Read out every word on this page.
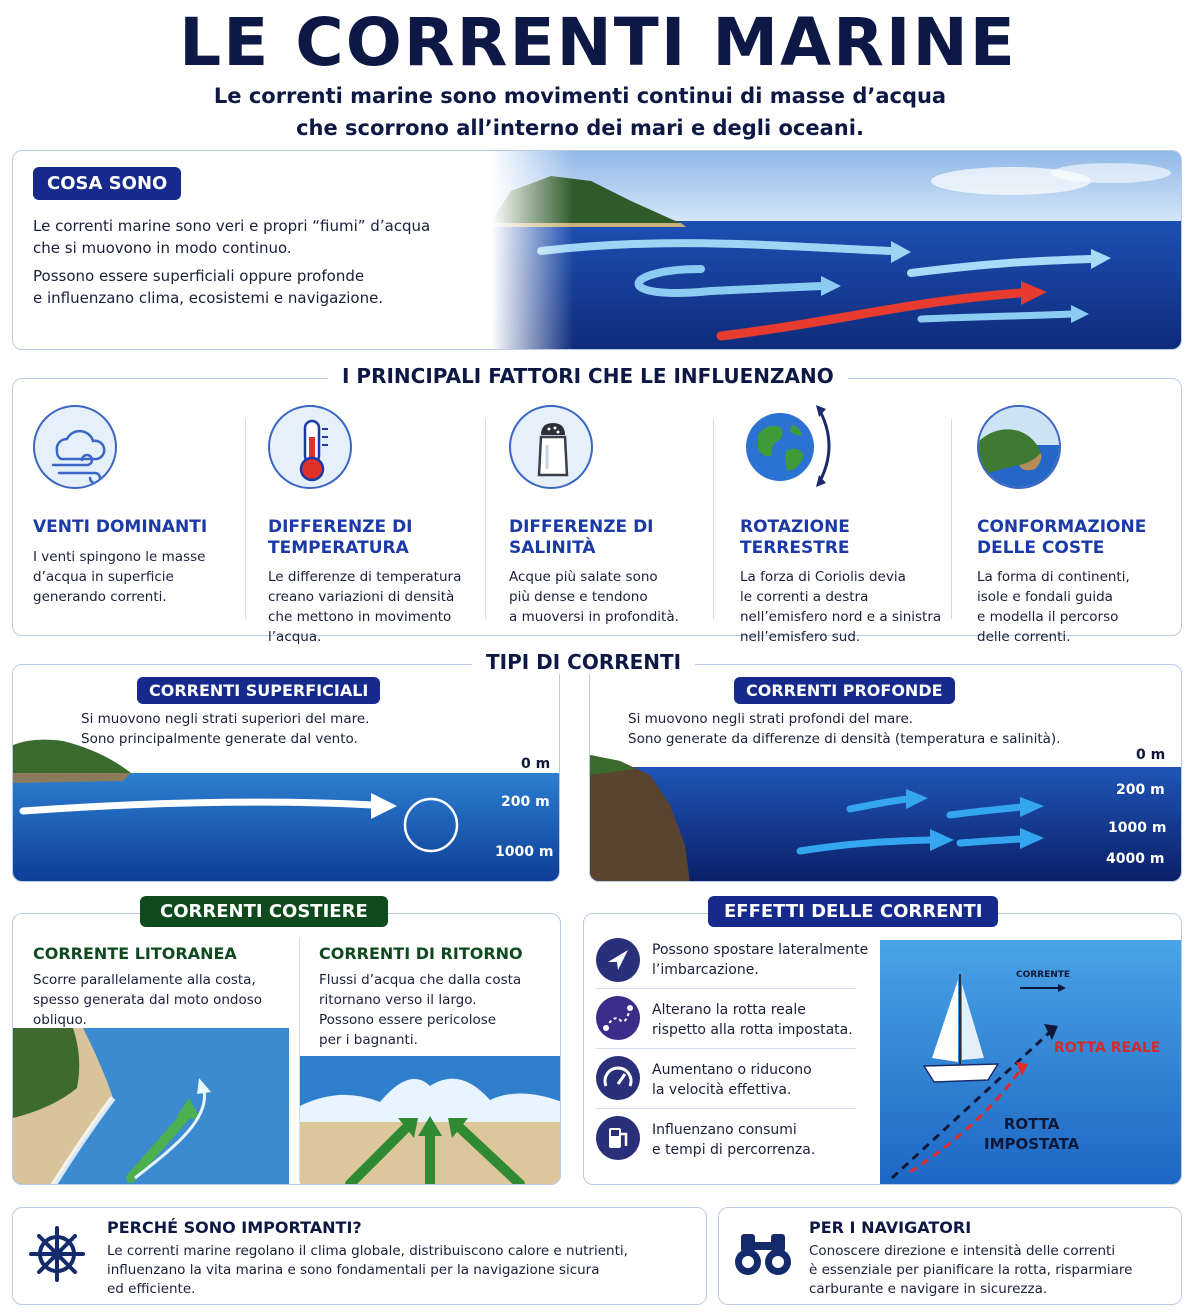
LE CORRENTI MARINE
Le correnti marine sono movimenti continui di masse d’acqua
che scorrono all’interno dei mari e degli oceani.
COSA SONO
Le correnti marine sono veri e propri “fiumi” d’acqua
che si muovono in modo continuo.
Possono essere superficiali oppure profonde
e influenzano clima, ecosistemi e navigazione.
VENTI DOMINANTI
I venti spingono le masse
d’acqua in superficie
generando correnti.
DIFFERENZE DI
TEMPERATURA
Le differenze di temperatura
creano variazioni di densità
che mettono in movimento
l’acqua.
DIFFERENZE DI
SALINITÀ
Acque più salate sono
più dense e tendono
a muoversi in profondità.
ROTAZIONE
TERRESTRE
La forza di Coriolis devia
le correnti a destra
nell’emisfero nord e a sinistra
nell’emisfero sud.
CONFORMAZIONE
DELLE COSTE
La forma di continenti,
isole e fondali guida
e modella il percorso
delle correnti.
I PRINCIPALI FATTORI CHE LE INFLUENZANO
CORRENTI SUPERFICIALI
Si muovono negli strati superiori del mare.
Sono principalmente generate dal vento.
0 m
200 m
1000 m
CORRENTI PROFONDE
Si muovono negli strati profondi del mare.
Sono generate da differenze di densità (temperatura e salinità).
0 m
200 m
1000 m
4000 m
TIPI DI CORRENTI
CORRENTE LITORANEA
Scorre parallelamente alla costa,
spesso generata dal moto ondoso
obliquo.
CORRENTI DI RITORNO
Flussi d’acqua che dalla costa
ritornano verso il largo.
Possono essere pericolose
per i bagnanti.
CORRENTI COSTIERE
Possono spostare lateralmente
l’imbarcazione.
Alterano la rotta reale
rispetto alla rotta impostata.
Aumentano o riducono
la velocità effettiva.
Influenzano consumi
e tempi di percorrenza.
CORRENTE
ROTTA REALE
ROTTA
IMPOSTATA
EFFETTI DELLE CORRENTI
PERCHÉ SONO IMPORTANTI?
Le correnti marine regolano il clima globale, distribuiscono calore e nutrienti,
influenzano la vita marina e sono fondamentali per la navigazione sicura
ed efficiente.
PER I NAVIGATORI
Conoscere direzione e intensità delle correnti
è essenziale per pianificare la rotta, risparmiare
carburante e navigare in sicurezza.
